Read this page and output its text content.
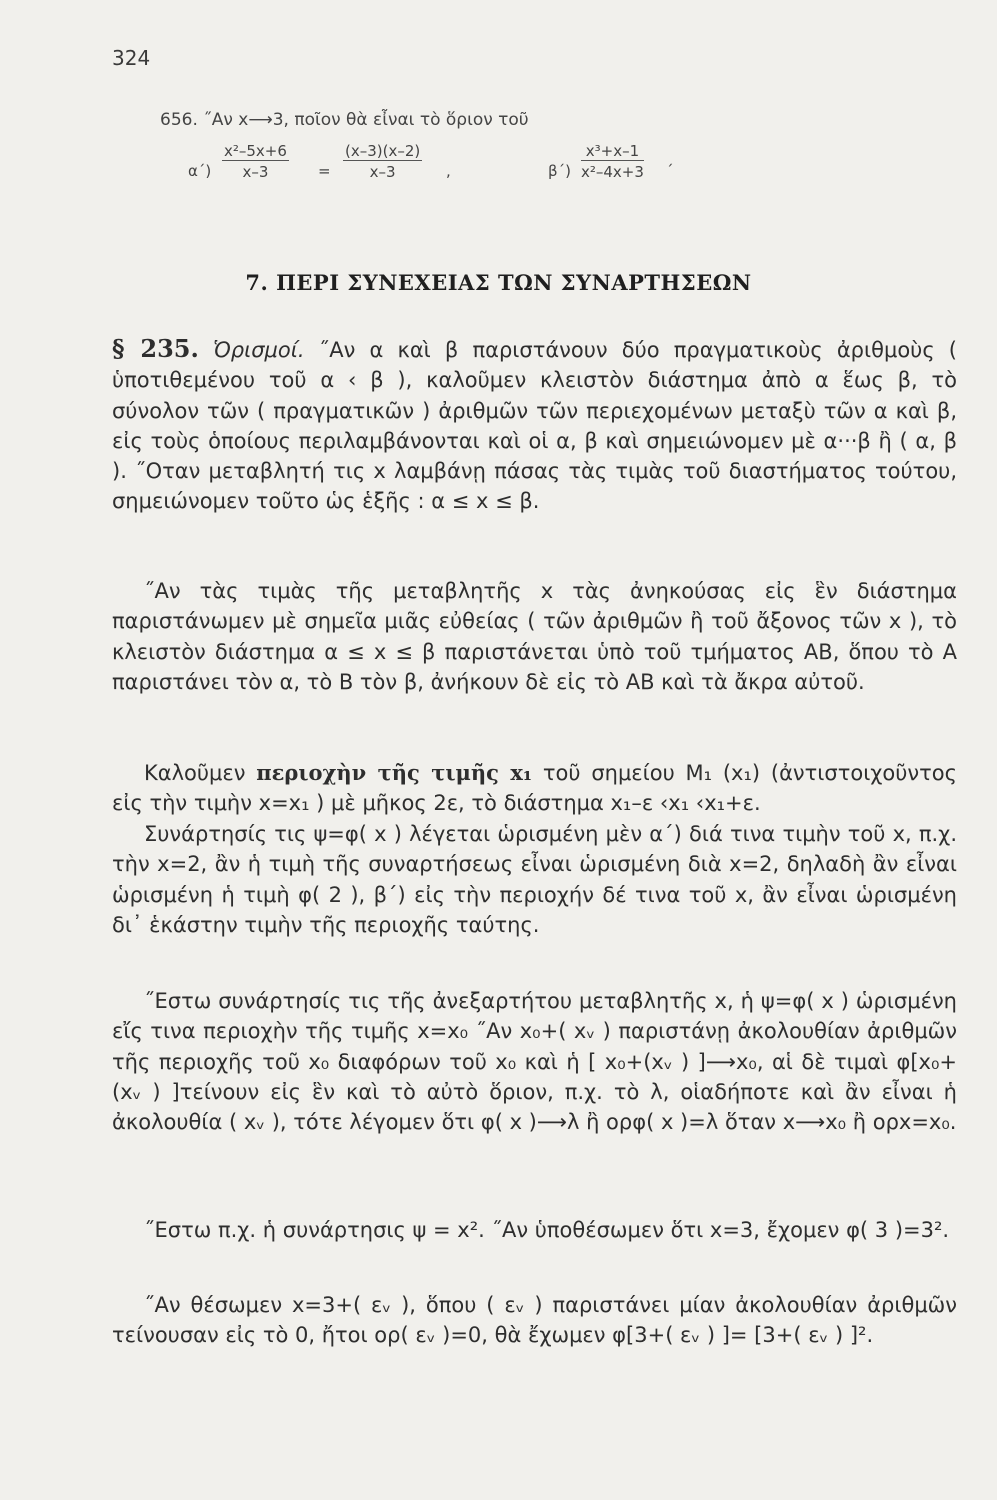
324
656. ˝Αν x⟶3, ποῖον θὰ εἶναι τὸ ὅριον τοῦ
$\alpha΄) \frac{\text{x²–5x+6}}{x-3} = \frac{(x-3)(x-2)}{x-3}$ ,	$\beta΄) \frac{\text{x³+x–1}}{\text{x²–4x+3}}$ ΄
7. ΠΕΡΙ ΣΥΝΕΧΕΙΑΣ ΤΩΝ ΣΥΝΑΡΤΗΣΕΩΝ
§ 235. Ὁρισμοί. ˝Αν α καὶ β παριστάνουν δύο πραγματικοὺς ἀριθμοὺς ( ὑποτιθεμένου τοῦ α ‹ β ), καλοῦμεν κλειστὸν διάστημα ἀπὸ α ἕως β, τὸ σύνολον τῶν ( πραγματικῶν ) ἀριθμῶν τῶν περιεχομένων μεταξὺ τῶν α καὶ β, εἰς τοὺς ὁποίους περιλαμβάνονται καὶ οἱ α, β καὶ σημειώνομεν μὲ α···β ἢ ( α, β ). ˝Οταν μεταβλητή τις x λαμβάνῃ πάσας τὰς τιμὰς τοῦ διαστήματος τούτου, σημειώνομεν τοῦτο ὡς ἑξῆς : α ≤ x ≤ β.
˝Αν τὰς τιμὰς τῆς μεταβλητῆς x τὰς ἀνηκούσας εἰς ἓν διάστημα παριστάνωμεν μὲ σημεῖα μιᾶς εὐθείας ( τῶν ἀριθμῶν ἢ τοῦ ἄξονος τῶν x ), τὸ κλειστὸν διάστημα α ≤ x ≤ β παριστάνεται ὑπὸ τοῦ τμήματος ΑΒ, ὅπου τὸ Α παριστάνει τὸν α, τὸ Β τὸν β, ἀνήκουν δὲ εἰς τὸ ΑΒ καὶ τὰ ἄκρα αὐτοῦ.
Καλοῦμεν περιοχὴν τῆς τιμῆς x₁ τοῦ σημείου Μ₁ (x₁) (ἀντιστοιχοῦντος εἰς τὴν τιμὴν x=x₁ ) μὲ μῆκος 2ε, τὸ διάστημα x₁–ε ‹x₁ ‹x₁+ε.
Συνάρτησίς τις ψ=φ( x ) λέγεται ὡρισμένη μὲν α΄) διά τινα τιμὴν τοῦ x, π.χ. τὴν x=2, ἂν ἡ τιμὴ τῆς συναρτήσεως εἶναι ὡρισμένη διὰ x=2, δηλαδὴ ἂν εἶναι ὡρισμένη ἡ τιμὴ φ( 2 ), β΄) εἰς τὴν περιοχήν δέ τινα τοῦ x, ἂν εἶναι ὡρισμένη δι᾽ ἑκάστην τιμὴν τῆς περιοχῆς ταύτης.
˝Εστω συνάρτησίς τις τῆς ἀνεξαρτήτου μεταβλητῆς x, ἡ ψ=φ( x ) ὡρισμένη εἴς τινα περιοχὴν τῆς τιμῆς x=x₀ ˝Αν x₀+( xᵥ ) παριστάνῃ ἀκολουθίαν ἀριθμῶν τῆς περιοχῆς τοῦ x₀ διαφόρων τοῦ x₀ καὶ ἡ [ x₀+(xᵥ ) ]⟶x₀, αἱ δὲ τιμαὶ φ[x₀+(xᵥ ) ]τείνουν εἰς ἓν καὶ τὸ αὐτὸ ὅριον, π.χ. τὸ λ, οἱαδήποτε καὶ ἂν εἶναι ἡ ἀκολουθία ( xᵥ ), τότε λέγομεν ὅτι φ( x )⟶λ ἢ ορφ( x )=λ ὅταν x⟶x₀ ἢ ορx=x₀.
˝Εστω π.χ. ἡ συνάρτησις ψ = x². ˝Αν ὑποθέσωμεν ὅτι x=3, ἔχομεν φ( 3 )=3².
˝Αν θέσωμεν x=3+( εᵥ ), ὅπου ( εᵥ ) παριστάνει μίαν ἀκολουθίαν ἀριθμῶν τείνουσαν εἰς τὸ 0, ἤτοι ορ( εᵥ )=0, θὰ ἔχωμεν φ[3+( εᵥ ) ]= [3+( εᵥ ) ]².
